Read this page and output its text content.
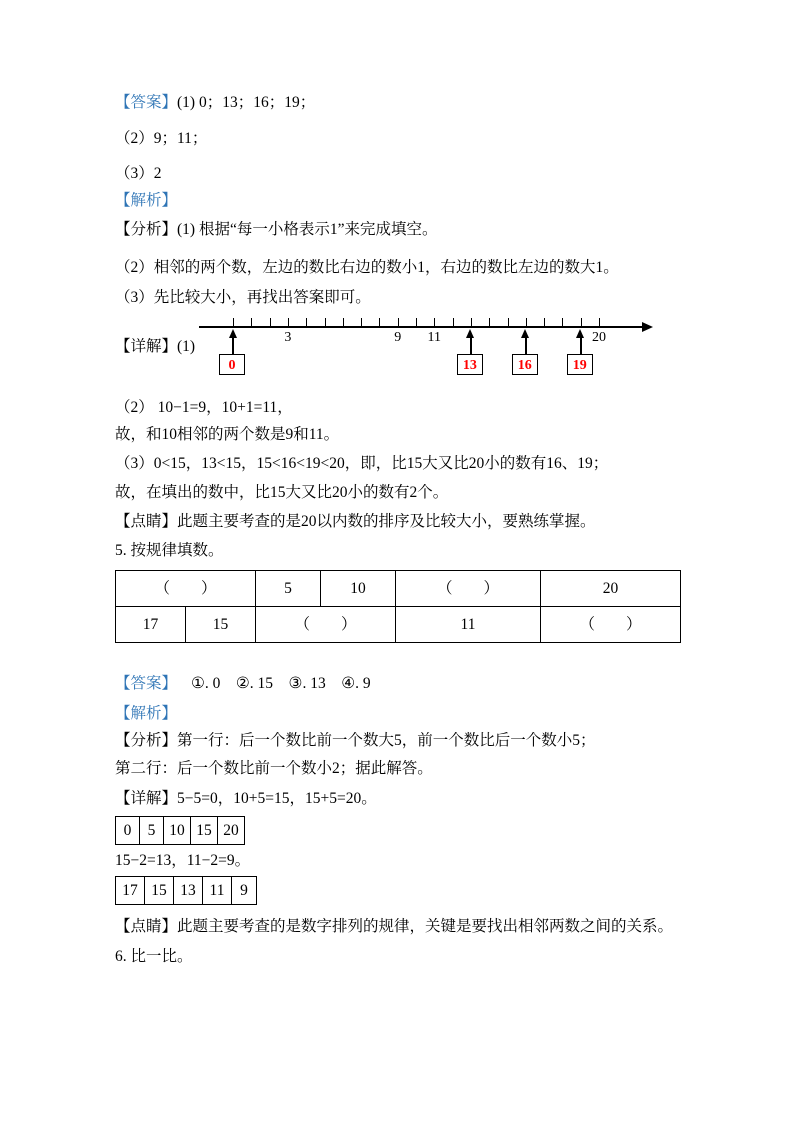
【答案】(1) 0；13；16；19；

（2）9；11；

（3）2

【解析】

【分析】(1) 根据“每一小格表示1”来完成填空。

（2）相邻的两个数，左边的数比右边的数小1，右边的数比左边的数大1。

（3）先比较大小，再找出答案即可。

【详解】(1)
3	9	11	20
0	13	16	19

（2） 10−1=9，10+1=11，

故，和10相邻的两个数是9和11。

（3）0<15，13<15，15<16<19<20，即，比15大又比20小的数有16、19；

故，在填出的数中，比15大又比20小的数有2个。

【点睛】此题主要考查的是20以内数的排序及比较大小，要熟练掌握。

5. 按规律填数。

（　　）		5	10	（　　）	20
17	15	（　　）		11	（　　）

【答案】 ①. 0　②. 15　③. 13　④. 9

【解析】

【分析】第一行：后一个数比前一个数大5，前一个数比后一个数小5；

第二行：后一个数比前一个数小2；据此解答。

【详解】5−5=0，10+5=15，15+5=20。

0	5	10	15	20

15−2=13，11−2=9。

17	15	13	11	9

【点睛】此题主要考查的是数字排列的规律，关键是要找出相邻两数之间的关系。

6. 比一比。
